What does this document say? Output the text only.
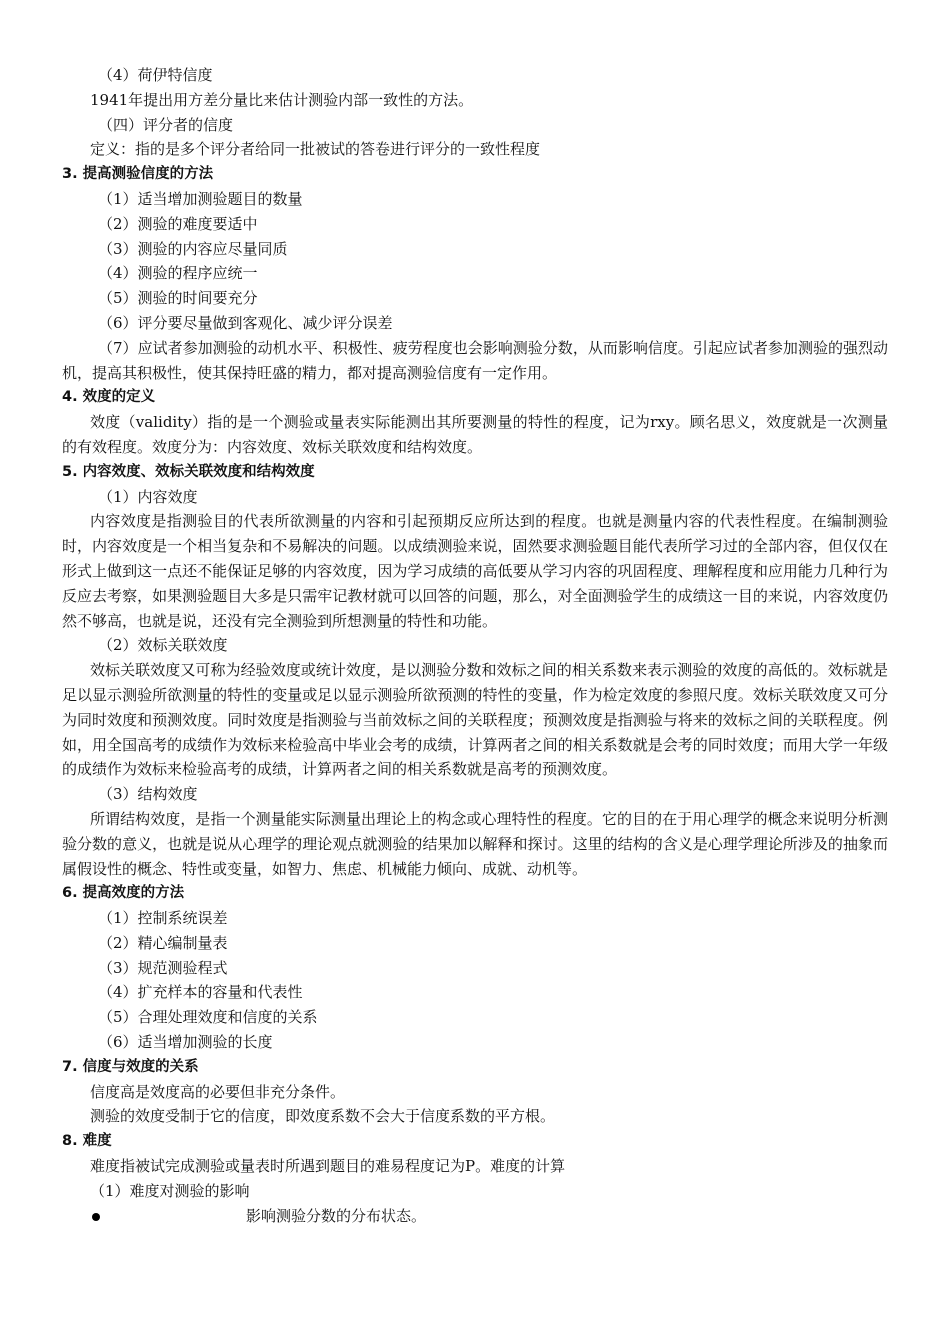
（4）荷伊特信度

1941年提出用方差分量比来估计测验内部一致性的方法。

（四）评分者的信度

定义：指的是多个评分者给同一批被试的答卷进行评分的一致性程度

3. 提高测验信度的方法

（1）适当增加测验题目的数量

（2）测验的难度要适中

（3）测验的内容应尽量同质

（4）测验的程序应统一

（5）测验的时间要充分

（6）评分要尽量做到客观化、减少评分误差

（7）应试者参加测验的动机水平、积极性、疲劳程度也会影响测验分数，从而影响信度。引起应试者参加测验的强烈动机，提高其积极性，使其保持旺盛的精力，都对提高测验信度有一定作用。

4. 效度的定义

效度（validity）指的是一个测验或量表实际能测出其所要测量的特性的程度，记为rxy。顾名思义，效度就是一次测量的有效程度。效度分为：内容效度、效标关联效度和结构效度。

5. 内容效度、效标关联效度和结构效度

（1）内容效度

内容效度是指测验目的代表所欲测量的内容和引起预期反应所达到的程度。也就是测量内容的代表性程度。在编制测验时，内容效度是一个相当复杂和不易解决的问题。以成绩测验来说，固然要求测验题目能代表所学习过的全部内容，但仅仅在形式上做到这一点还不能保证足够的内容效度，因为学习成绩的高低要从学习内容的巩固程度、理解程度和应用能力几种行为反应去考察，如果测验题目大多是只需牢记教材就可以回答的问题，那么，对全面测验学生的成绩这一目的来说，内容效度仍然不够高，也就是说，还没有完全测验到所想测量的特性和功能。

（2）效标关联效度

效标关联效度又可称为经验效度或统计效度，是以测验分数和效标之间的相关系数来表示测验的效度的高低的。效标就是足以显示测验所欲测量的特性的变量或足以显示测验所欲预测的特性的变量，作为检定效度的参照尺度。效标关联效度又可分为同时效度和预测效度。同时效度是指测验与当前效标之间的关联程度；预测效度是指测验与将来的效标之间的关联程度。例如，用全国高考的成绩作为效标来检验高中毕业会考的成绩，计算两者之间的相关系数就是会考的同时效度；而用大学一年级的成绩作为效标来检验高考的成绩，计算两者之间的相关系数就是高考的预测效度。

（3）结构效度

所谓结构效度，是指一个测量能实际测量出理论上的构念或心理特性的程度。它的目的在于用心理学的概念来说明分析测验分数的意义，也就是说从心理学的理论观点就测验的结果加以解释和探讨。这里的结构的含义是心理学理论所涉及的抽象而属假设性的概念、特性或变量，如智力、焦虑、机械能力倾向、成就、动机等。

6. 提高效度的方法

（1）控制系统误差

（2）精心编制量表

（3）规范测验程式

（4）扩充样本的容量和代表性

（5）合理处理效度和信度的关系

（6）适当增加测验的长度

7. 信度与效度的关系

信度高是效度高的必要但非充分条件。

测验的效度受制于它的信度，即效度系数不会大于信度系数的平方根。

8. 难度

难度指被试完成测验或量表时所遇到题目的难易程度记为P。难度的计算

（1）难度对测验的影响

影响测验分数的分布状态。
